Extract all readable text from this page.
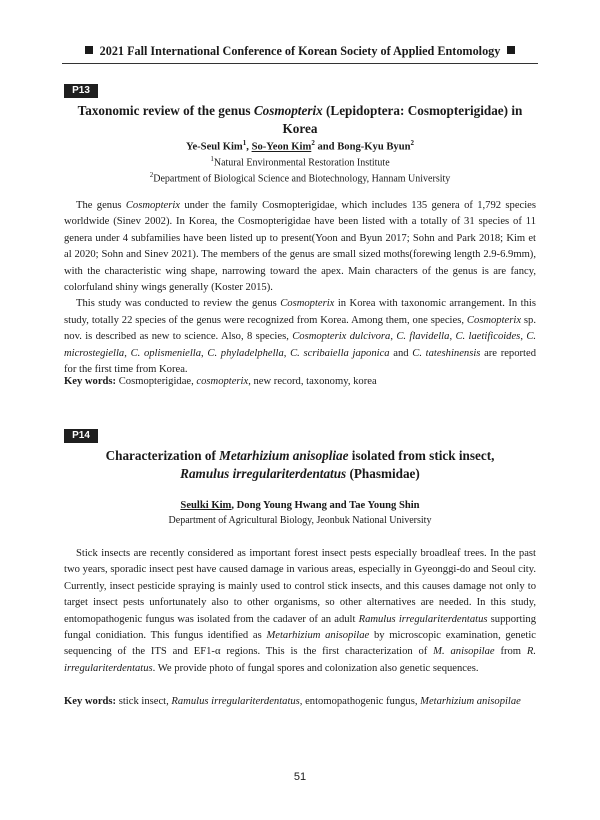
2021 Fall International Conference of Korean Society of Applied Entomology
P13
Taxonomic review of the genus Cosmopterix (Lepidoptera: Cosmopterigidae) in Korea
Ye-Seul Kim$^1$, So-Yeon Kim$^2$ and Bong-Kyu Byun$^2$
$^1$Natural Environmental Restoration Institute
$^2$Department of Biological Science and Biotechnology, Hannam University

The genus Cosmopterix under the family Cosmopterigidae, which includes 135 genera of 1,792 species worldwide (Sinev 2002). In Korea, the Cosmopterigidae have been listed with a totally of 31 species of 11 genera under 4 subfamilies have been listed up to present(Yoon and Byun 2017; Sohn and Park 2018; Kim et al 2020; Sohn and Sinev 2021). The members of the genus are small sized moths(forewing length 2.9-6.9mm), with the characteristic wing shape, narrowing toward the apex. Main characters of the genus is are fancy, colorfuland shiny wings generally (Koster 2015).

This study was conducted to review the genus Cosmopterix in Korea with taxonomic arrangement. In this study, totally 22 species of the genus were recognized from Korea. Among them, one species, Cosmopterix sp. nov. is described as new to science. Also, 8 species, Cosmopterix dulcivora, C. flavidella, C. laetificoides, C. microstegiella, C. oplismeniella, C. phyladelphella, C. scribaiella japonica and C. tateshinensis are reported for the first time from Korea.

Key words: Cosmopterigidae, cosmopterix, new record, taxonomy, korea
P14
Characterization of Metarhizium anisopliae isolated from stick insect,
Ramulus irregulariterdentatus (Phasmidae)
Seulki Kim, Dong Young Hwang and Tae Young Shin
Department of Agricultural Biology, Jeonbuk National University

Stick insects are recently considered as important forest insect pests especially broadleaf trees. In the past two years, sporadic insect pest have caused damage in various areas, especially in Gyeonggi-do and Seoul city. Currently, insect pesticide spraying is mainly used to control stick insects, and this causes damage not only to target insect pests unfortunately also to other organisms, so other alternatives are needed. In this study, entomopathogenic fungus was isolated from the cadaver of an adult Ramulus irregulariterdentatus supporting fungal conidiation. This fungus identified as Metarhizium anisopilae by microscopic examination, genetic sequencing of the ITS and EF1-α regions. This is the first characterization of M. anisopilae from R. irregulariterdentatus. We provide photo of fungal spores and colonization also genetic sequences.

Key words: stick insect, Ramulus irregulariterdentatus, entomopathogenic fungus, Metarhizium anisopilae
51
